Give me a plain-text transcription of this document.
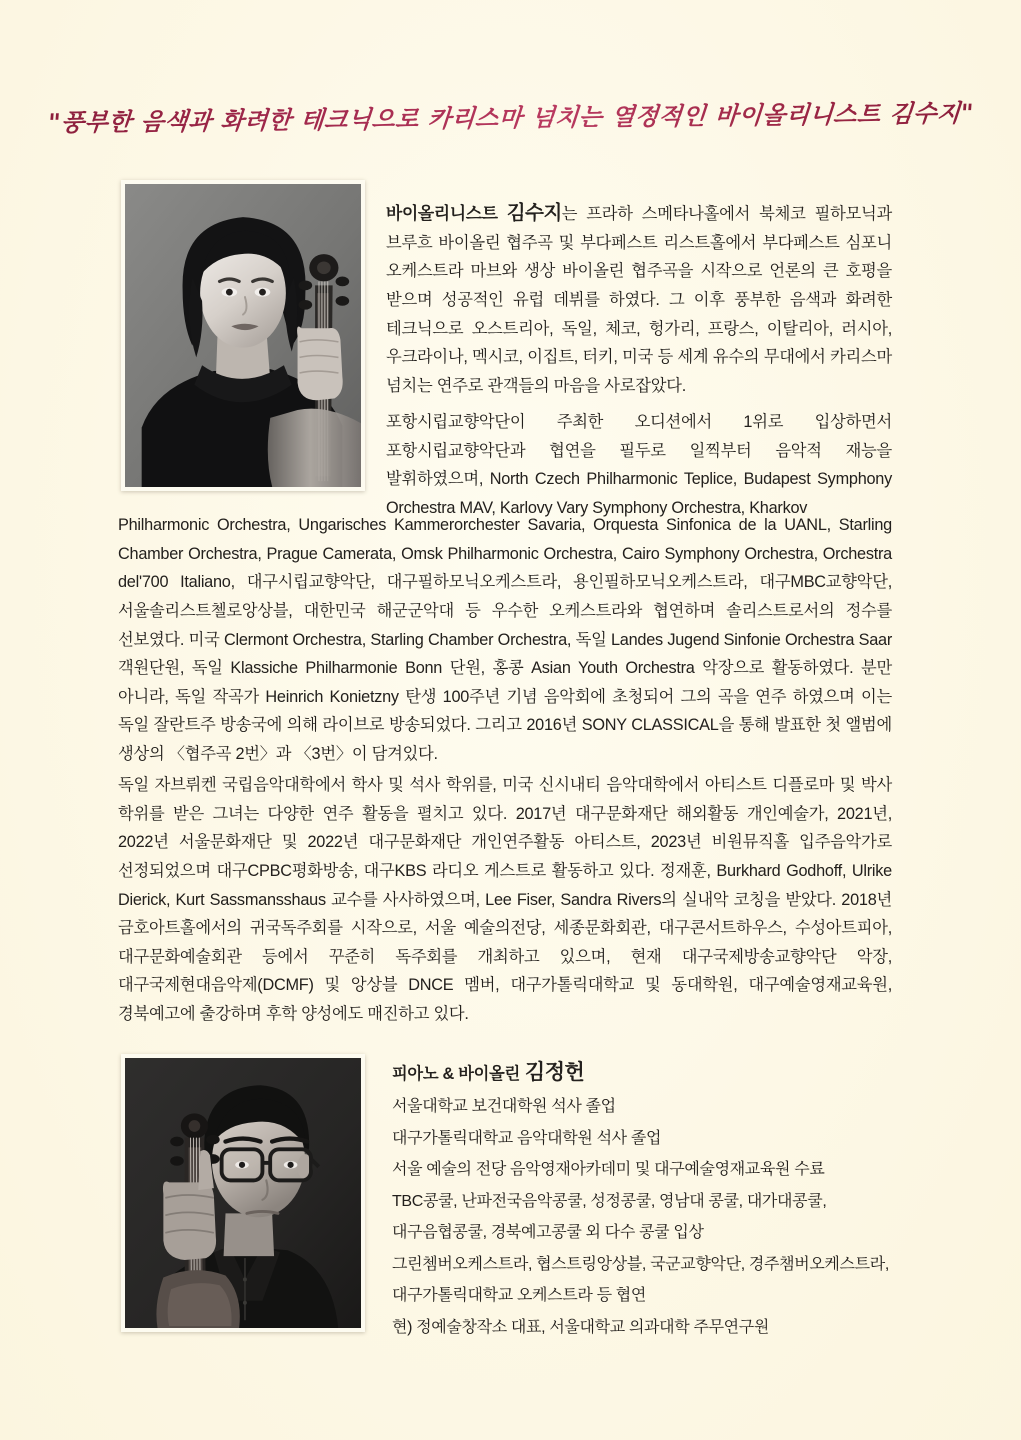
"풍부한 음색과 화려한 테크닉으로 카리스마 넘치는 열정적인 바이올리니스트 김수지"

바이올리니스트 김수지는 프라하 스메타나홀에서 북체코 필하모닉과 브루흐 바이올린 협주곡 및 부다페스트 리스트홀에서 부다페스트 심포니 오케스트라 마브와 생상 바이올린 협주곡을 시작으로 언론의 큰 호평을 받으며 성공적인 유럽 데뷔를 하였다. 그 이후 풍부한 음색과 화려한 테크닉으로 오스트리아, 독일, 체코, 헝가리, 프랑스, 이탈리아, 러시아, 우크라이나, 멕시코, 이집트, 터키, 미국 등 세계 유수의 무대에서 카리스마 넘치는 연주로 관객들의 마음을 사로잡았다.

포항시립교향악단이 주최한 오디션에서 1위로 입상하면서 포항시립교향악단과 협연을 필두로 일찍부터 음악적 재능을 발휘하였으며, North Czech Philharmonic Teplice, Budapest Symphony Orchestra MAV, Karlovy Vary Symphony Orchestra, Kharkov

Philharmonic Orchestra, Ungarisches Kammerorchester Savaria, Orquesta Sinfonica de la UANL, Starling Chamber Orchestra, Prague Camerata, Omsk Philharmonic Orchestra, Cairo Symphony Orchestra, Orchestra del'700 Italiano, 대구시립교향악단, 대구필하모닉오케스트라, 용인필하모닉오케스트라, 대구MBC교향악단, 서울솔리스트첼로앙상블, 대한민국 해군군악대 등 우수한 오케스트라와 협연하며 솔리스트로서의 정수를 선보였다. 미국 Clermont Orchestra, Starling Chamber Orchestra, 독일 Landes Jugend Sinfonie Orchestra Saar 객원단원, 독일 Klassiche Philharmonie Bonn 단원, 홍콩 Asian Youth Orchestra 악장으로 활동하였다. 분만 아니라, 독일 작곡가 Heinrich Konietzny 탄생 100주년 기념 음악회에 초청되어 그의 곡을 연주 하였으며 이는 독일 잘란트주 방송국에 의해 라이브로 방송되었다. 그리고 2016년 SONY CLASSICAL을 통해 발표한 첫 앨범에 생상의 〈협주곡 2번〉과 〈3번〉이 담겨있다.

독일 자브뤼켄 국립음악대학에서 학사 및 석사 학위를, 미국 신시내티 음악대학에서 아티스트 디플로마 및 박사 학위를 받은 그녀는 다양한 연주 활동을 펼치고 있다. 2017년 대구문화재단 해외활동 개인예술가, 2021년, 2022년 서울문화재단 및 2022년 대구문화재단 개인연주활동 아티스트, 2023년 비원뮤직홀 입주음악가로 선정되었으며 대구CPBC평화방송, 대구KBS 라디오 게스트로 활동하고 있다. 정재훈, Burkhard Godhoff, Ulrike Dierick, Kurt Sassmansshaus 교수를 사사하였으며, Lee Fiser, Sandra Rivers의 실내악 코칭을 받았다. 2018년 금호아트홀에서의 귀국독주회를 시작으로, 서울 예술의전당, 세종문화회관, 대구콘서트하우스, 수성아트피아, 대구문화예술회관 등에서 꾸준히 독주회를 개최하고 있으며, 현재 대구국제방송교향악단 악장, 대구국제현대음악제(DCMF) 및 앙상블 DNCE 멤버, 대구가톨릭대학교 및 동대학원, 대구예술영재교육원, 경북예고에 출강하며 후학 양성에도 매진하고 있다.

피아노 & 바이올린 김정헌
서울대학교 보건대학원 석사 졸업
대구가톨릭대학교 음악대학원 석사 졸업
서울 예술의 전당 음악영재아카데미 및 대구예술영재교육원 수료
TBC콩쿨, 난파전국음악콩쿨, 성정콩쿨, 영남대 콩쿨, 대가대콩쿨,
대구음협콩쿨, 경북예고콩쿨 외 다수 콩쿨 입상
그린쳄버오케스트라, 협스트링앙상블, 국군교향악단, 경주챔버오케스트라,
대구가톨릭대학교 오케스트라 등 협연
현) 정예술창작소 대표, 서울대학교 의과대학 주무연구원
